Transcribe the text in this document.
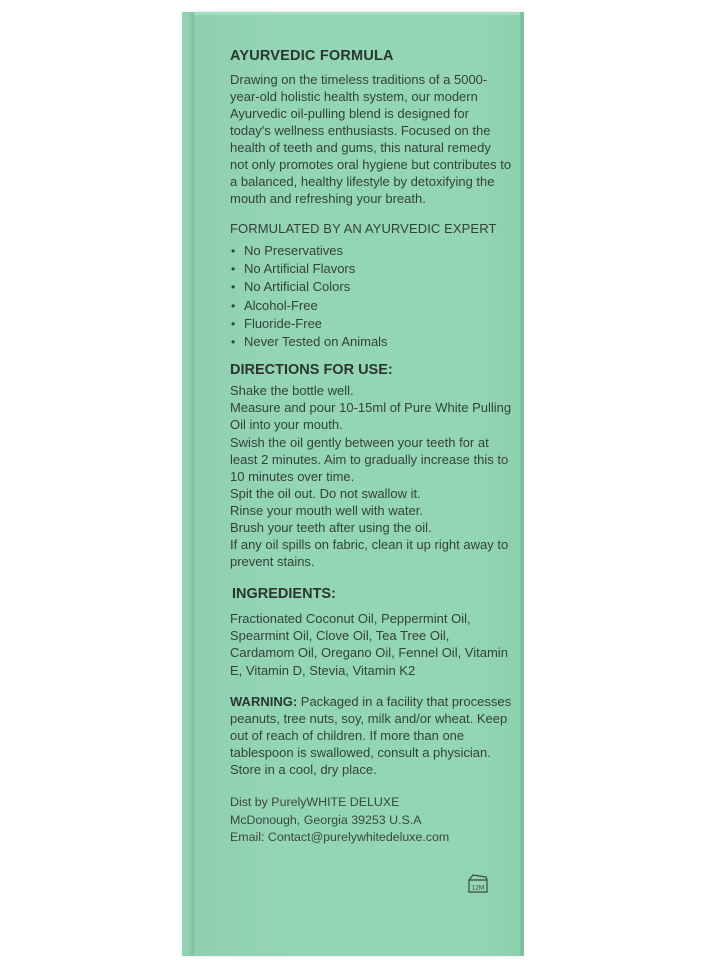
AYURVEDIC FORMULA

Drawing on the timeless traditions of a 5000-year-old holistic health system, our modern Ayurvedic oil-pulling blend is designed for today's wellness enthusiasts. Focused on the health of teeth and gums, this natural remedy not only promotes oral hygiene but contributes to a balanced, healthy lifestyle by detoxifying the mouth and refreshing your breath.

FORMULATED BY AN AYURVEDIC EXPERT
• No Preservatives
• No Artificial Flavors
• No Artificial Colors
• Alcohol-Free
• Fluoride-Free
• Never Tested on Animals
DIRECTIONS FOR USE:

Shake the bottle well.

Measure and pour 10-15ml of Pure White Pulling Oil into your mouth.

Swish the oil gently between your teeth for at least 2 minutes. Aim to gradually increase this to 10 minutes over time.

Spit the oil out. Do not swallow it.

Rinse your mouth well with water.

Brush your teeth after using the oil.

If any oil spills on fabric, clean it up right away to prevent stains.

INGREDIENTS:

Fractionated Coconut Oil, Peppermint Oil, Spearmint Oil, Clove Oil, Tea Tree Oil, Cardamom Oil, Oregano Oil, Fennel Oil, Vitamin E, Vitamin D, Stevia, Vitamin K2

WARNING: Packaged in a facility that processes peanuts, tree nuts, soy, milk and/or wheat. Keep out of reach of children. If more than one tablespoon is swallowed, consult a physician. Store in a cool, dry place.

Dist by PurelyWHITE DELUXE
McDonough, Georgia 39253 U.S.A
Email: Contact@purelywhitedeluxe.com
12M
